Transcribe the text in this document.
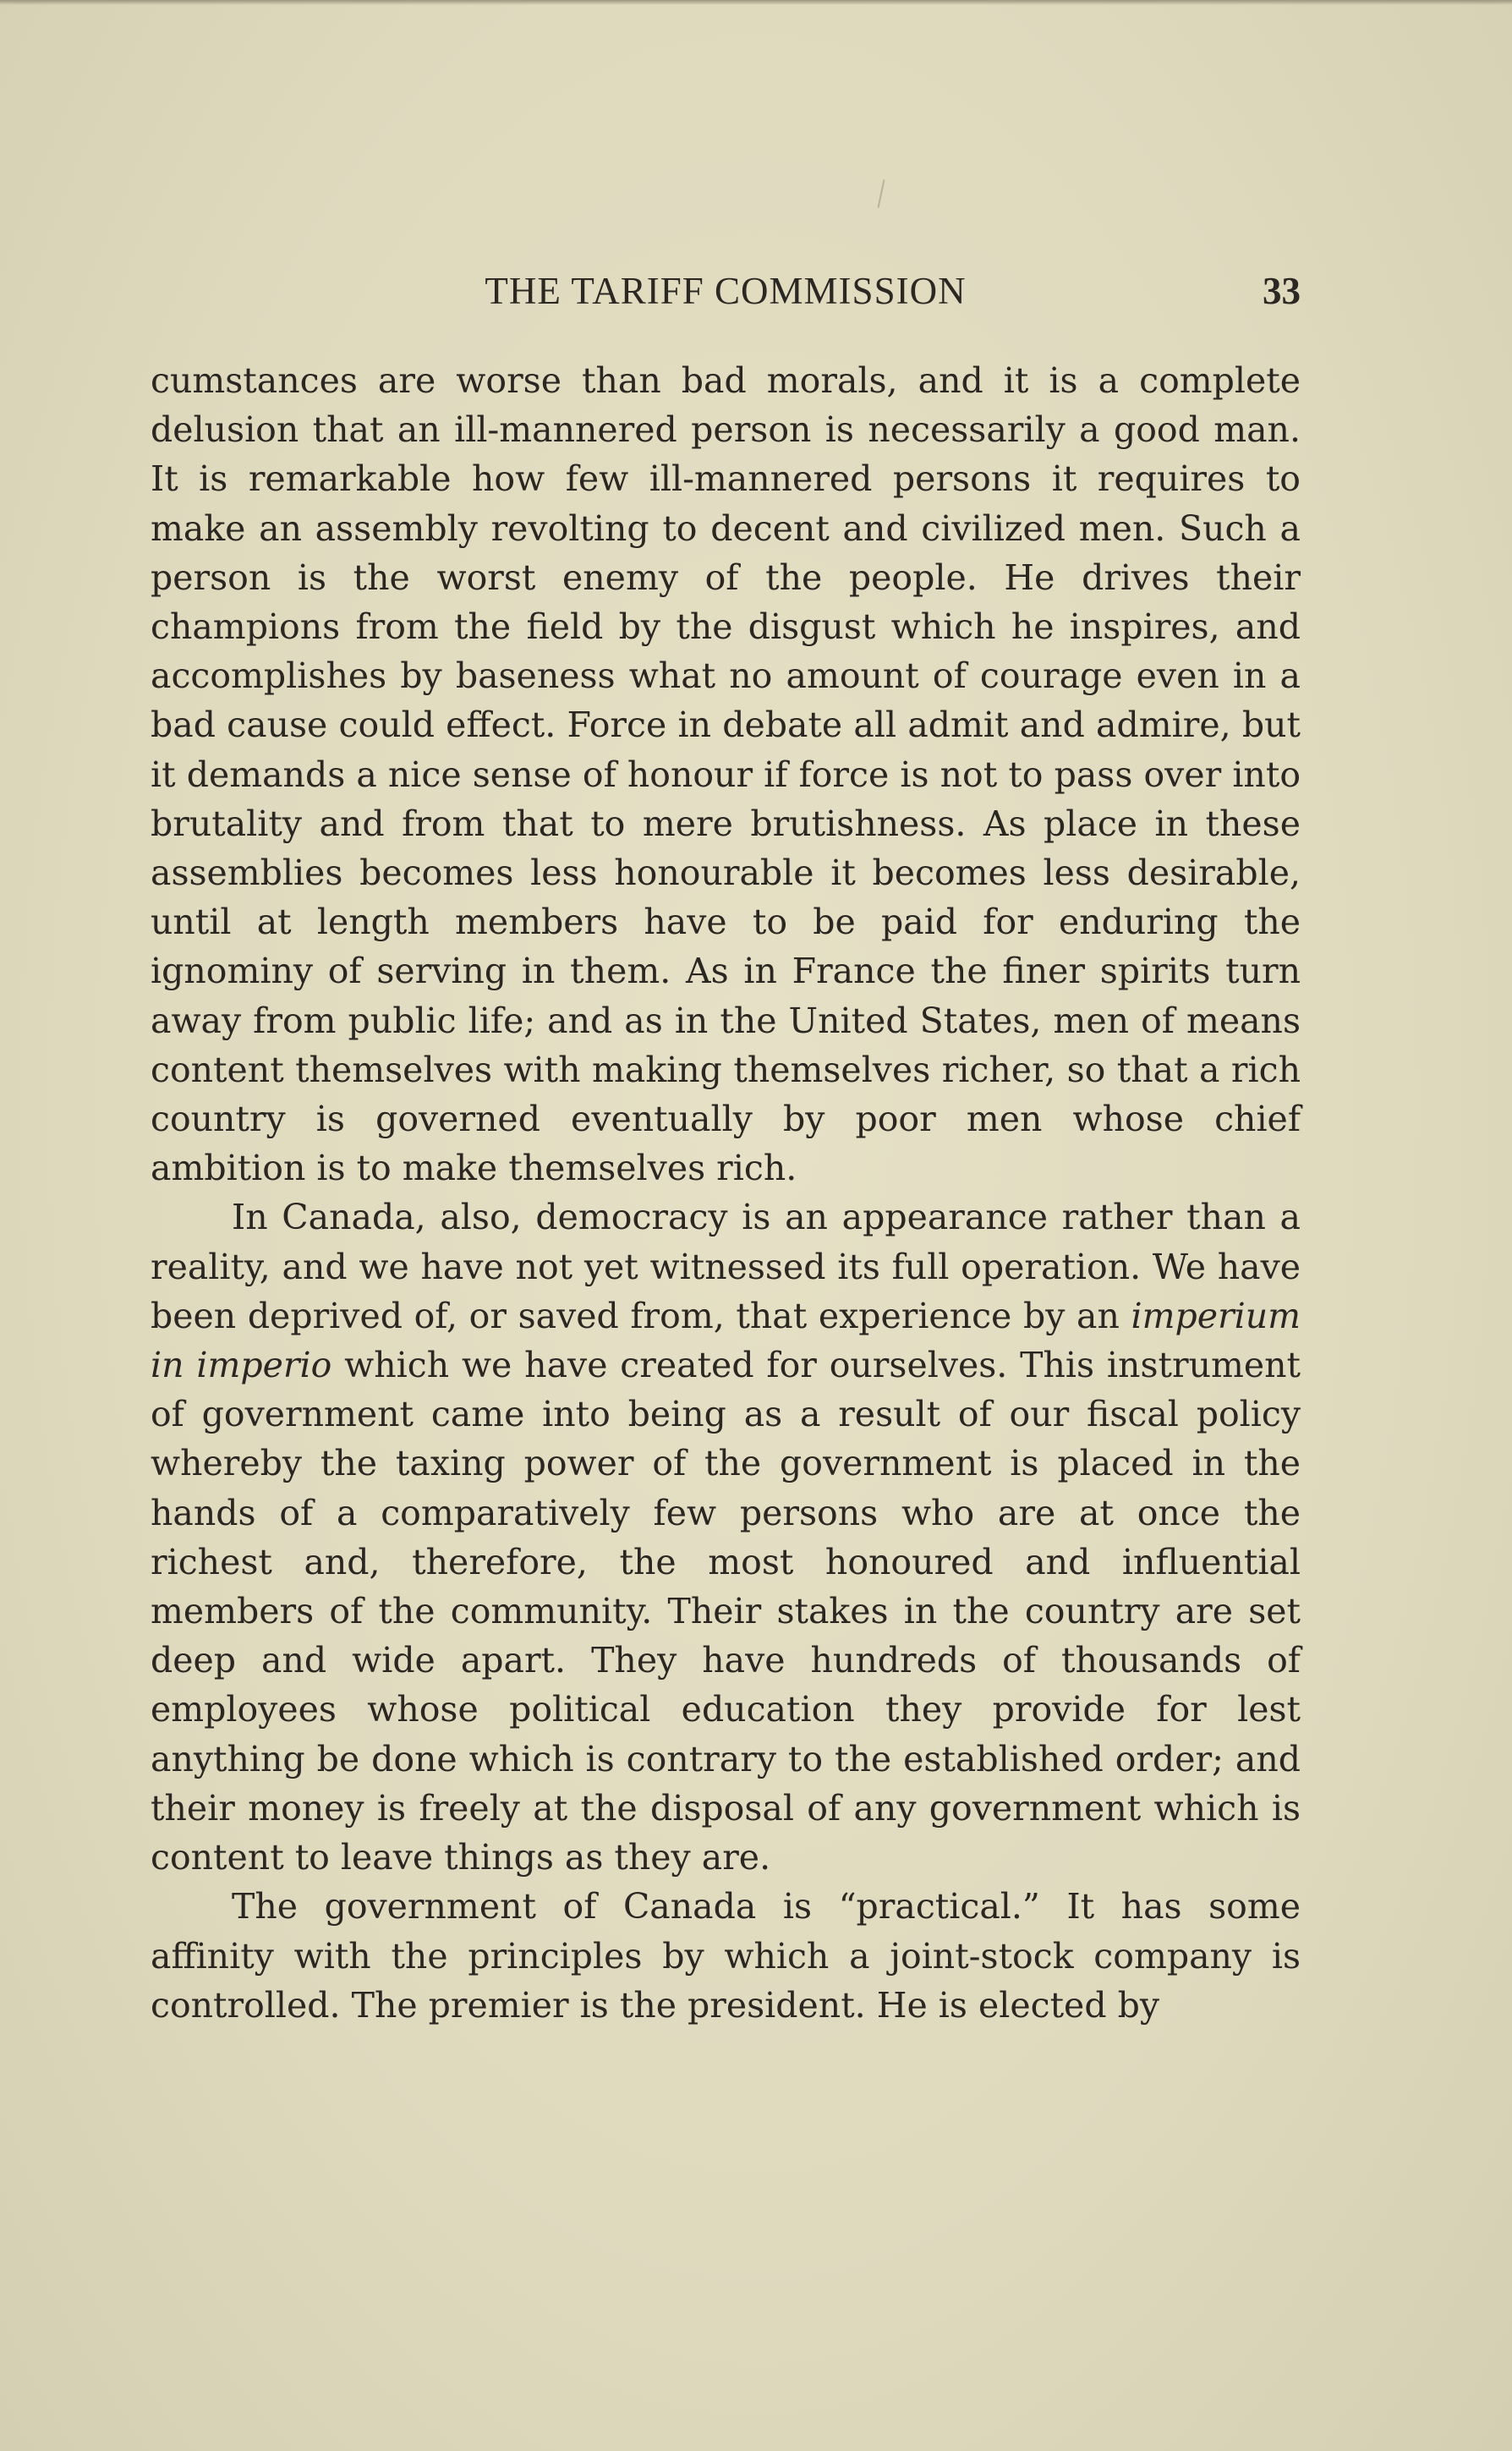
THE TARIFF COMMISSION	33

cumstances are worse than bad morals, and it is a complete delusion that an ill-mannered person is necessarily a good man. It is remarkable how few ill-mannered persons it requires to make an assembly revolting to decent and civilized men. Such a person is the worst enemy of the people. He drives their champions from the field by the disgust which he inspires, and accomplishes by baseness what no amount of courage even in a bad cause could effect. Force in debate all admit and admire, but it demands a nice sense of honour if force is not to pass over into brutality and from that to mere brutishness. As place in these assemblies becomes less honourable it becomes less desirable, until at length members have to be paid for enduring the ignominy of serving in them. As in France the finer spirits turn away from public life; and as in the United States, men of means content themselves with making themselves richer, so that a rich country is governed eventually by poor men whose chief ambition is to make themselves rich.

In Canada, also, democracy is an appearance rather than a reality, and we have not yet witnessed its full operation. We have been deprived of, or saved from, that experience by an imperium in imperio which we have created for ourselves. This instrument of government came into being as a result of our fiscal policy whereby the taxing power of the government is placed in the hands of a comparatively few persons who are at once the richest and, therefore, the most honoured and influential members of the community. Their stakes in the country are set deep and wide apart. They have hundreds of thousands of employees whose political education they provide for lest anything be done which is contrary to the established order; and their money is freely at the disposal of any government which is content to leave things as they are.

The government of Canada is “practical.” It has some affinity with the principles by which a joint-stock company is controlled. The premier is the president. He is elected by
